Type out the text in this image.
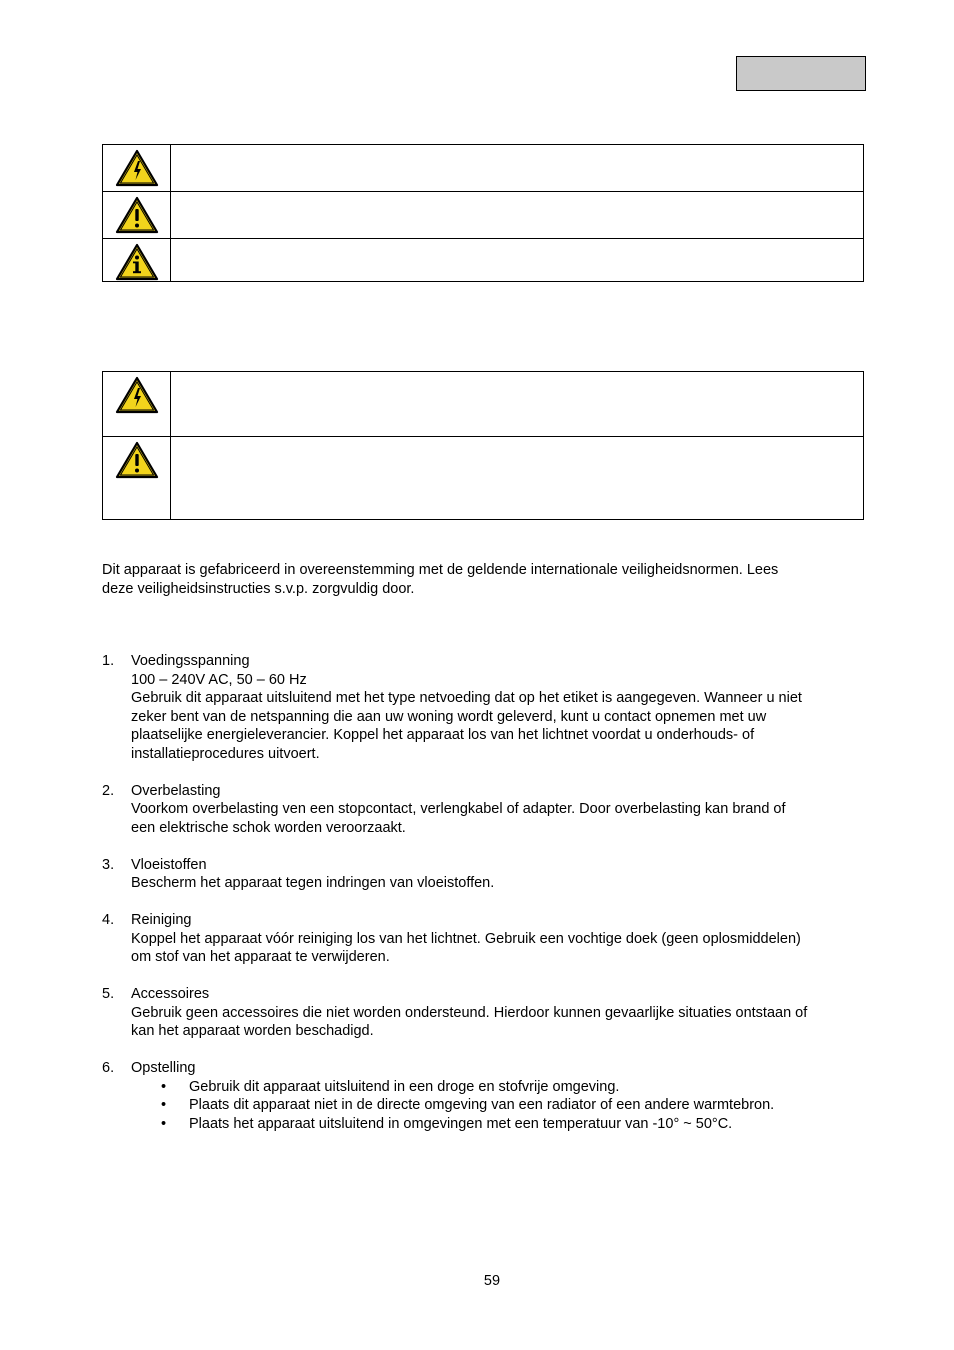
Dit apparaat is gefabriceerd in overeenstemming met de geldende internationale veiligheidsnormen. Lees
deze veiligheidsinstructies s.v.p. zorgvuldig door.

1. Voedingsspanning
100 – 240V AC, 50 – 60 Hz
Gebruik dit apparaat uitsluitend met het type netvoeding dat op het etiket is aangegeven. Wanneer u niet
zeker bent van de netspanning die aan uw woning wordt geleverd, kunt u contact opnemen met uw
plaatselijke energieleverancier. Koppel het apparaat los van het lichtnet voordat u onderhouds- of
installatieprocedures uitvoert.
2. Overbelasting
Voorkom overbelasting ven een stopcontact, verlengkabel of adapter. Door overbelasting kan brand of
een elektrische schok worden veroorzaakt.
3. Vloeistoffen
Bescherm het apparaat tegen indringen van vloeistoffen.
4. Reiniging
Koppel het apparaat vóór reiniging los van het lichtnet. Gebruik een vochtige doek (geen oplosmiddelen)
om stof van het apparaat te verwijderen.
5. Accessoires
Gebruik geen accessoires die niet worden ondersteund. Hierdoor kunnen gevaarlijke situaties ontstaan of
kan het apparaat worden beschadigd.
6. Opstelling
• Gebruik dit apparaat uitsluitend in een droge en stofvrije omgeving.
• Plaats dit apparaat niet in de directe omgeving van een radiator of een andere warmtebron.
• Plaats het apparaat uitsluitend in omgevingen met een temperatuur van -10° ~ 50°C.
59
